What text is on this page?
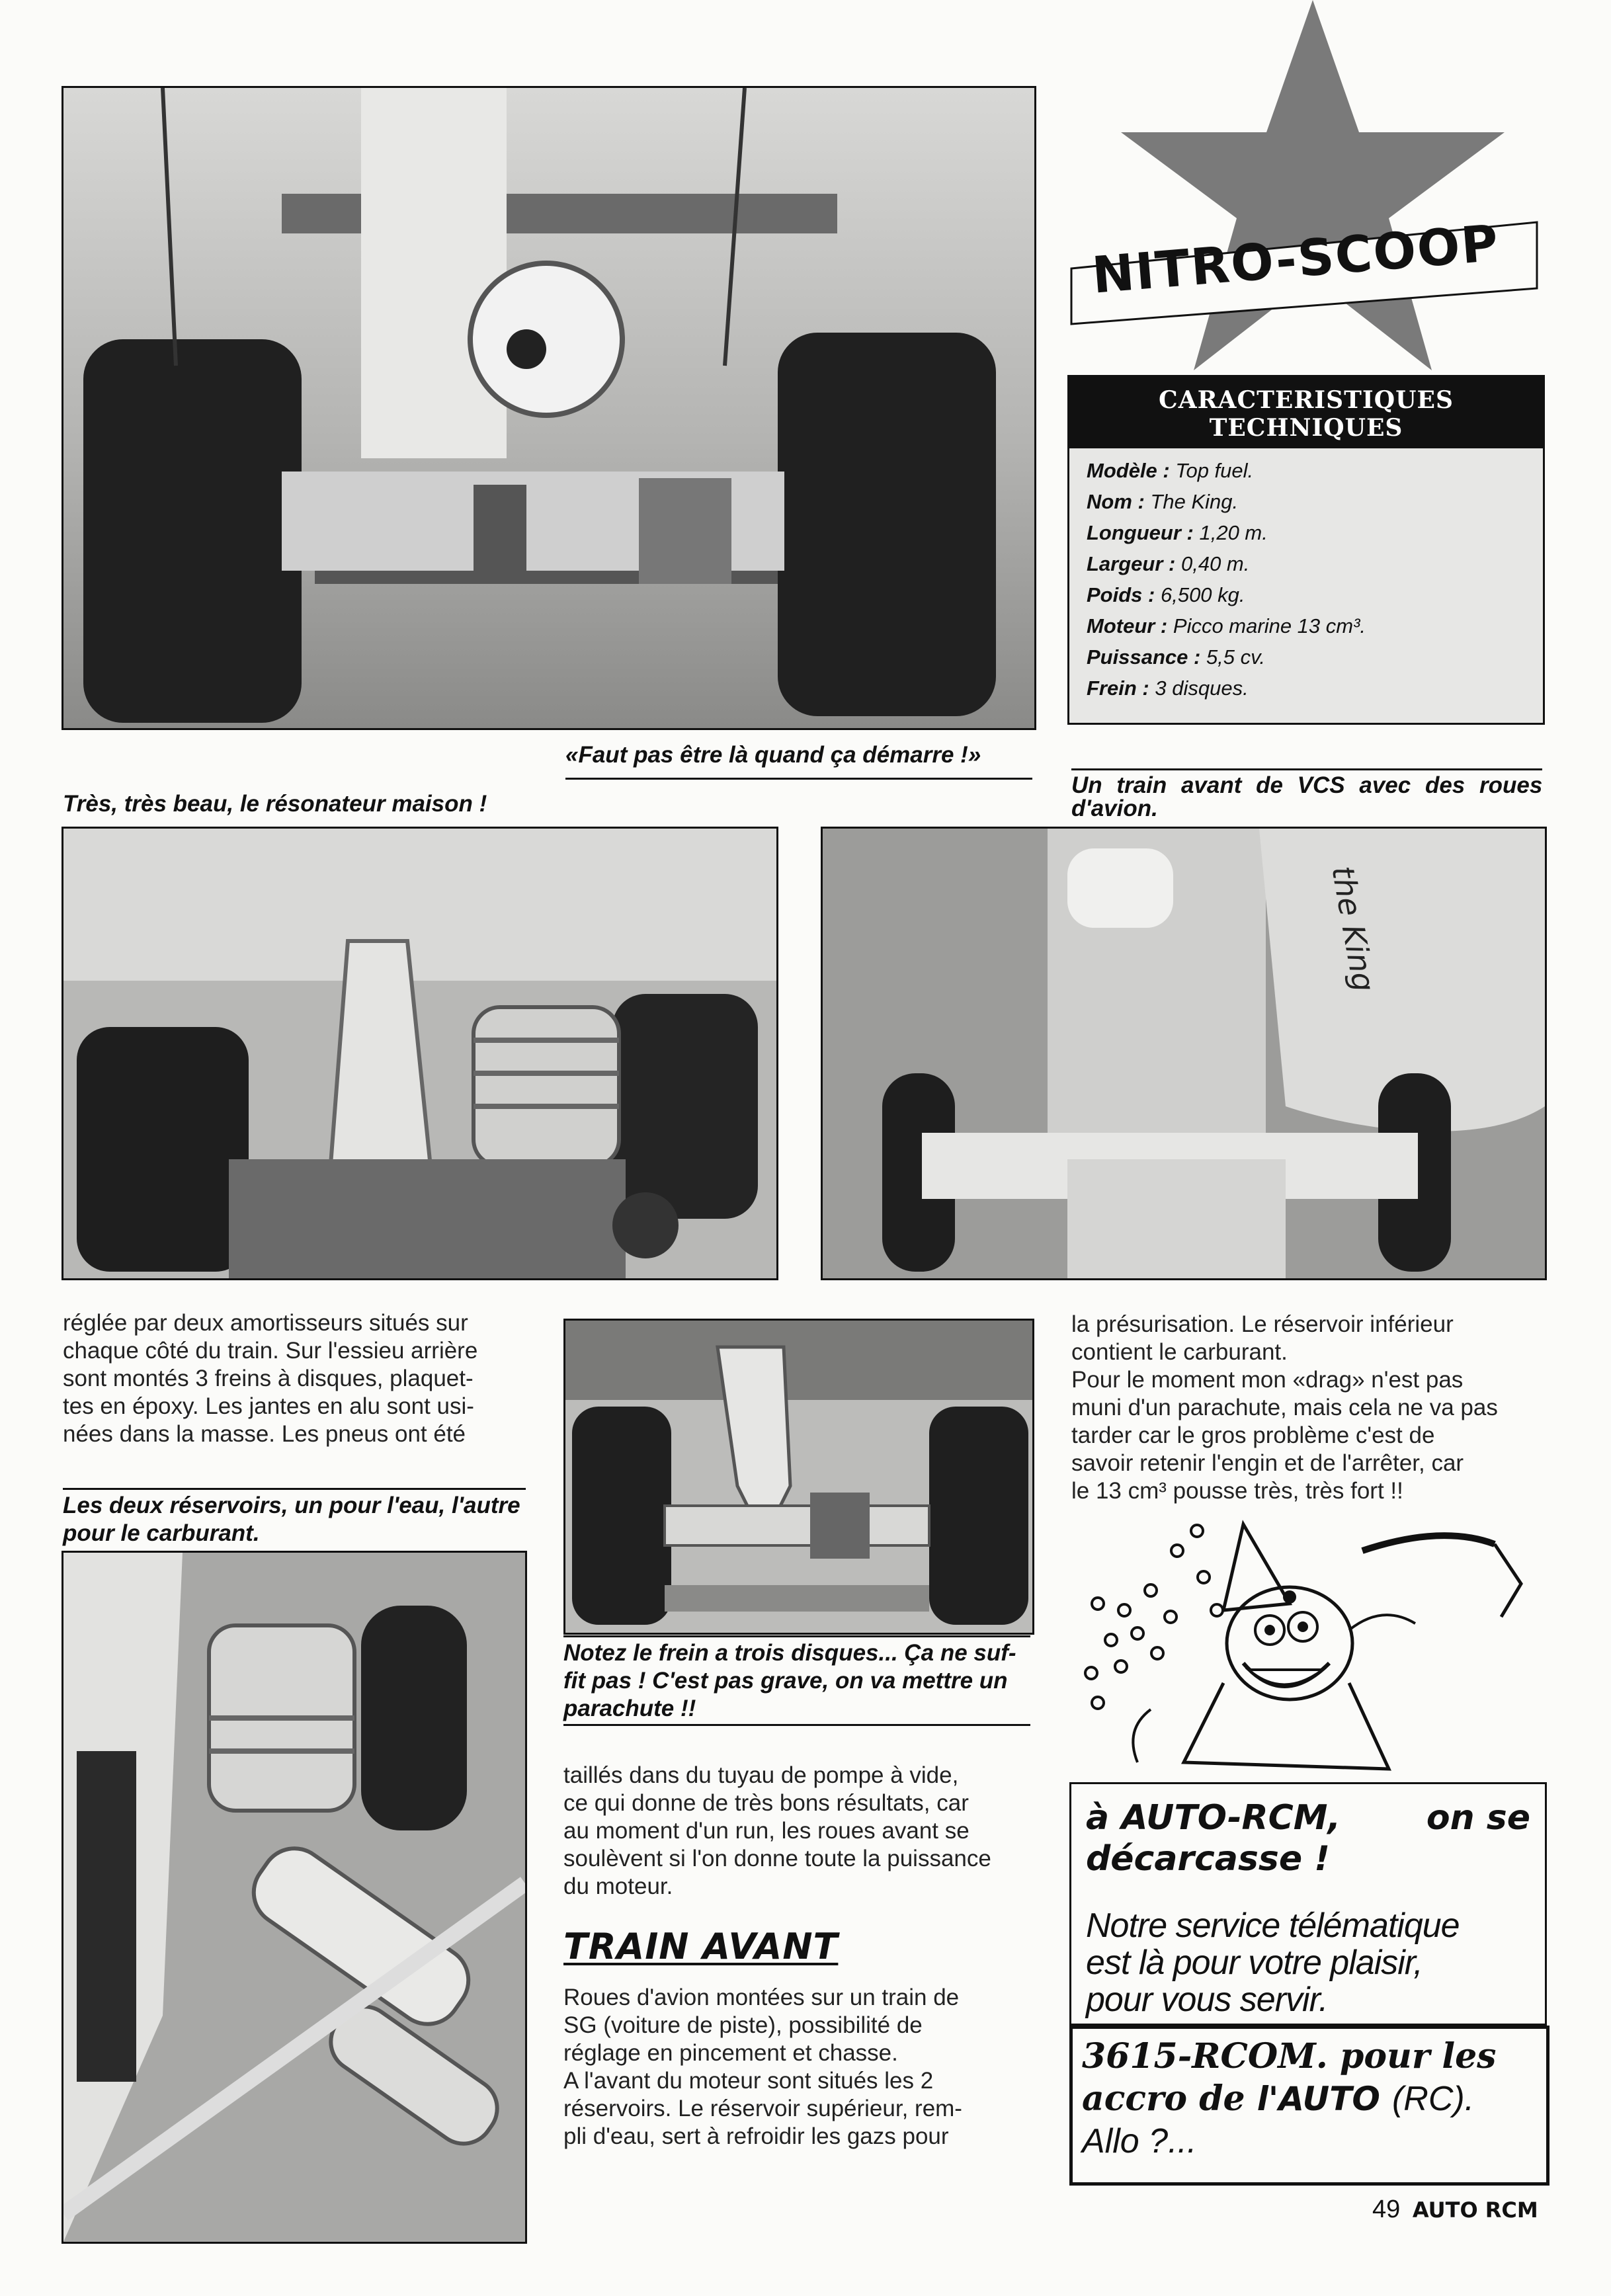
NITRO-SCOOP
CARACTERISTIQUES
TECHNIQUES
Modèle : Top fuel.
Nom : The King.
Longueur : 1,20 m.
Largeur : 0,40 m.
Poids : 6,500 kg.
Moteur : Picco marine 13 cm³.
Puissance : 5,5 cv.
Frein : 3 disques.
«Faut pas être là quand ça démarre !»
Très, très beau, le résonateur maison !
Un train avant de VCS avec des roues
d'avion.
the King
réglée par deux amortisseurs situés sur
chaque côté du train. Sur l'essieu arrière
sont montés 3 freins à disques, plaquet-
tes en époxy. Les jantes en alu sont usi-
nées dans la masse. Les pneus ont été
Les deux réservoirs, un pour l'eau, l'autre
pour le carburant.
Notez le frein a trois disques... Ça ne suf-
fit pas ! C'est pas grave, on va mettre un
parachute !!
taillés dans du tuyau de pompe à vide,
ce qui donne de très bons résultats, car
au moment d'un run, les roues avant se
soulèvent si l'on donne toute la puissance
du moteur.
TRAIN AVANT
Roues d'avion montées sur un train de
SG (voiture de piste), possibilité de
réglage en pincement et chasse.
A l'avant du moteur sont situés les 2
réservoirs. Le réservoir supérieur, rem-
pli d'eau, sert à refroidir les gazs pour
la présurisation. Le réservoir inférieur
contient le carburant.
Pour le moment mon «drag» n'est pas
muni d'un parachute, mais cela ne va pas
tarder car le gros problème c'est de
savoir retenir l'engin et de l'arrêter, car
le 13 cm³ pousse très, très fort !!
à AUTO-RCM, on se
décarcasse !
Notre service télématique
est là pour votre plaisir,
pour vous servir.
3615-RCOM. pour les
accro de l'AUTO (RC).
Allo ?...
49 AUTO RCM
